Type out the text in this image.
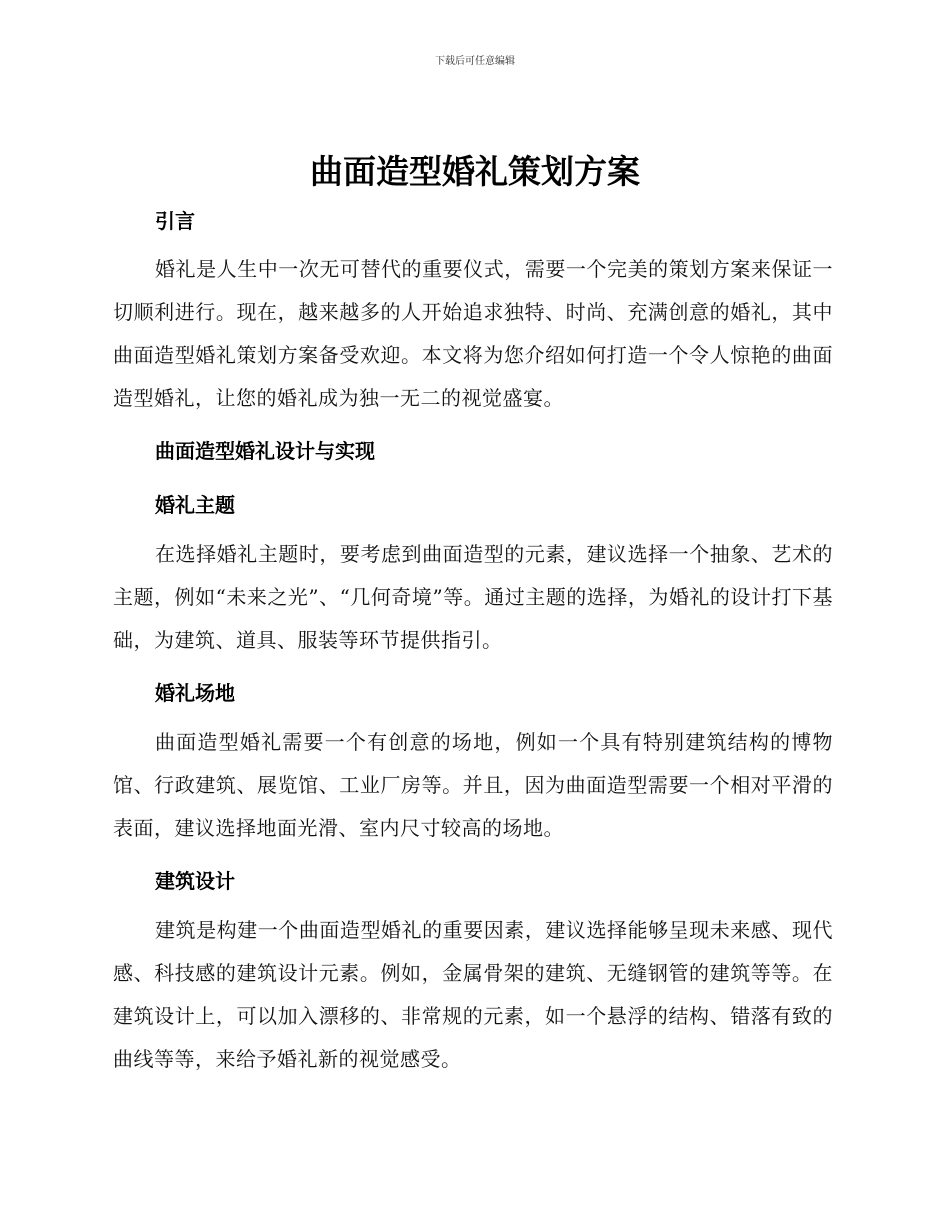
下载后可任意编辑
曲面造型婚礼策划方案
引言

婚礼是人生中一次无可替代的重要仪式，需要一个完美的策划方案来保证一切顺利进行。现在，越来越多的人开始追求独特、时尚、充满创意的婚礼，其中曲面造型婚礼策划方案备受欢迎。本文将为您介绍如何打造一个令人惊艳的曲面造型婚礼，让您的婚礼成为独一无二的视觉盛宴。

曲面造型婚礼设计与实现
婚礼主题

在选择婚礼主题时，要考虑到曲面造型的元素，建议选择一个抽象、艺术的主题，例如“未来之光”、“几何奇境”等。通过主题的选择，为婚礼的设计打下基础，为建筑、道具、服装等环节提供指引。

婚礼场地

曲面造型婚礼需要一个有创意的场地，例如一个具有特别建筑结构的博物馆、行政建筑、展览馆、工业厂房等。并且，因为曲面造型需要一个相对平滑的表面，建议选择地面光滑、室内尺寸较高的场地。

建筑设计

建筑是构建一个曲面造型婚礼的重要因素，建议选择能够呈现未来感、现代感、科技感的建筑设计元素。例如，金属骨架的建筑、无缝钢管的建筑等等。在建筑设计上，可以加入漂移的、非常规的元素，如一个悬浮的结构、错落有致的曲线等等，来给予婚礼新的视觉感受。
